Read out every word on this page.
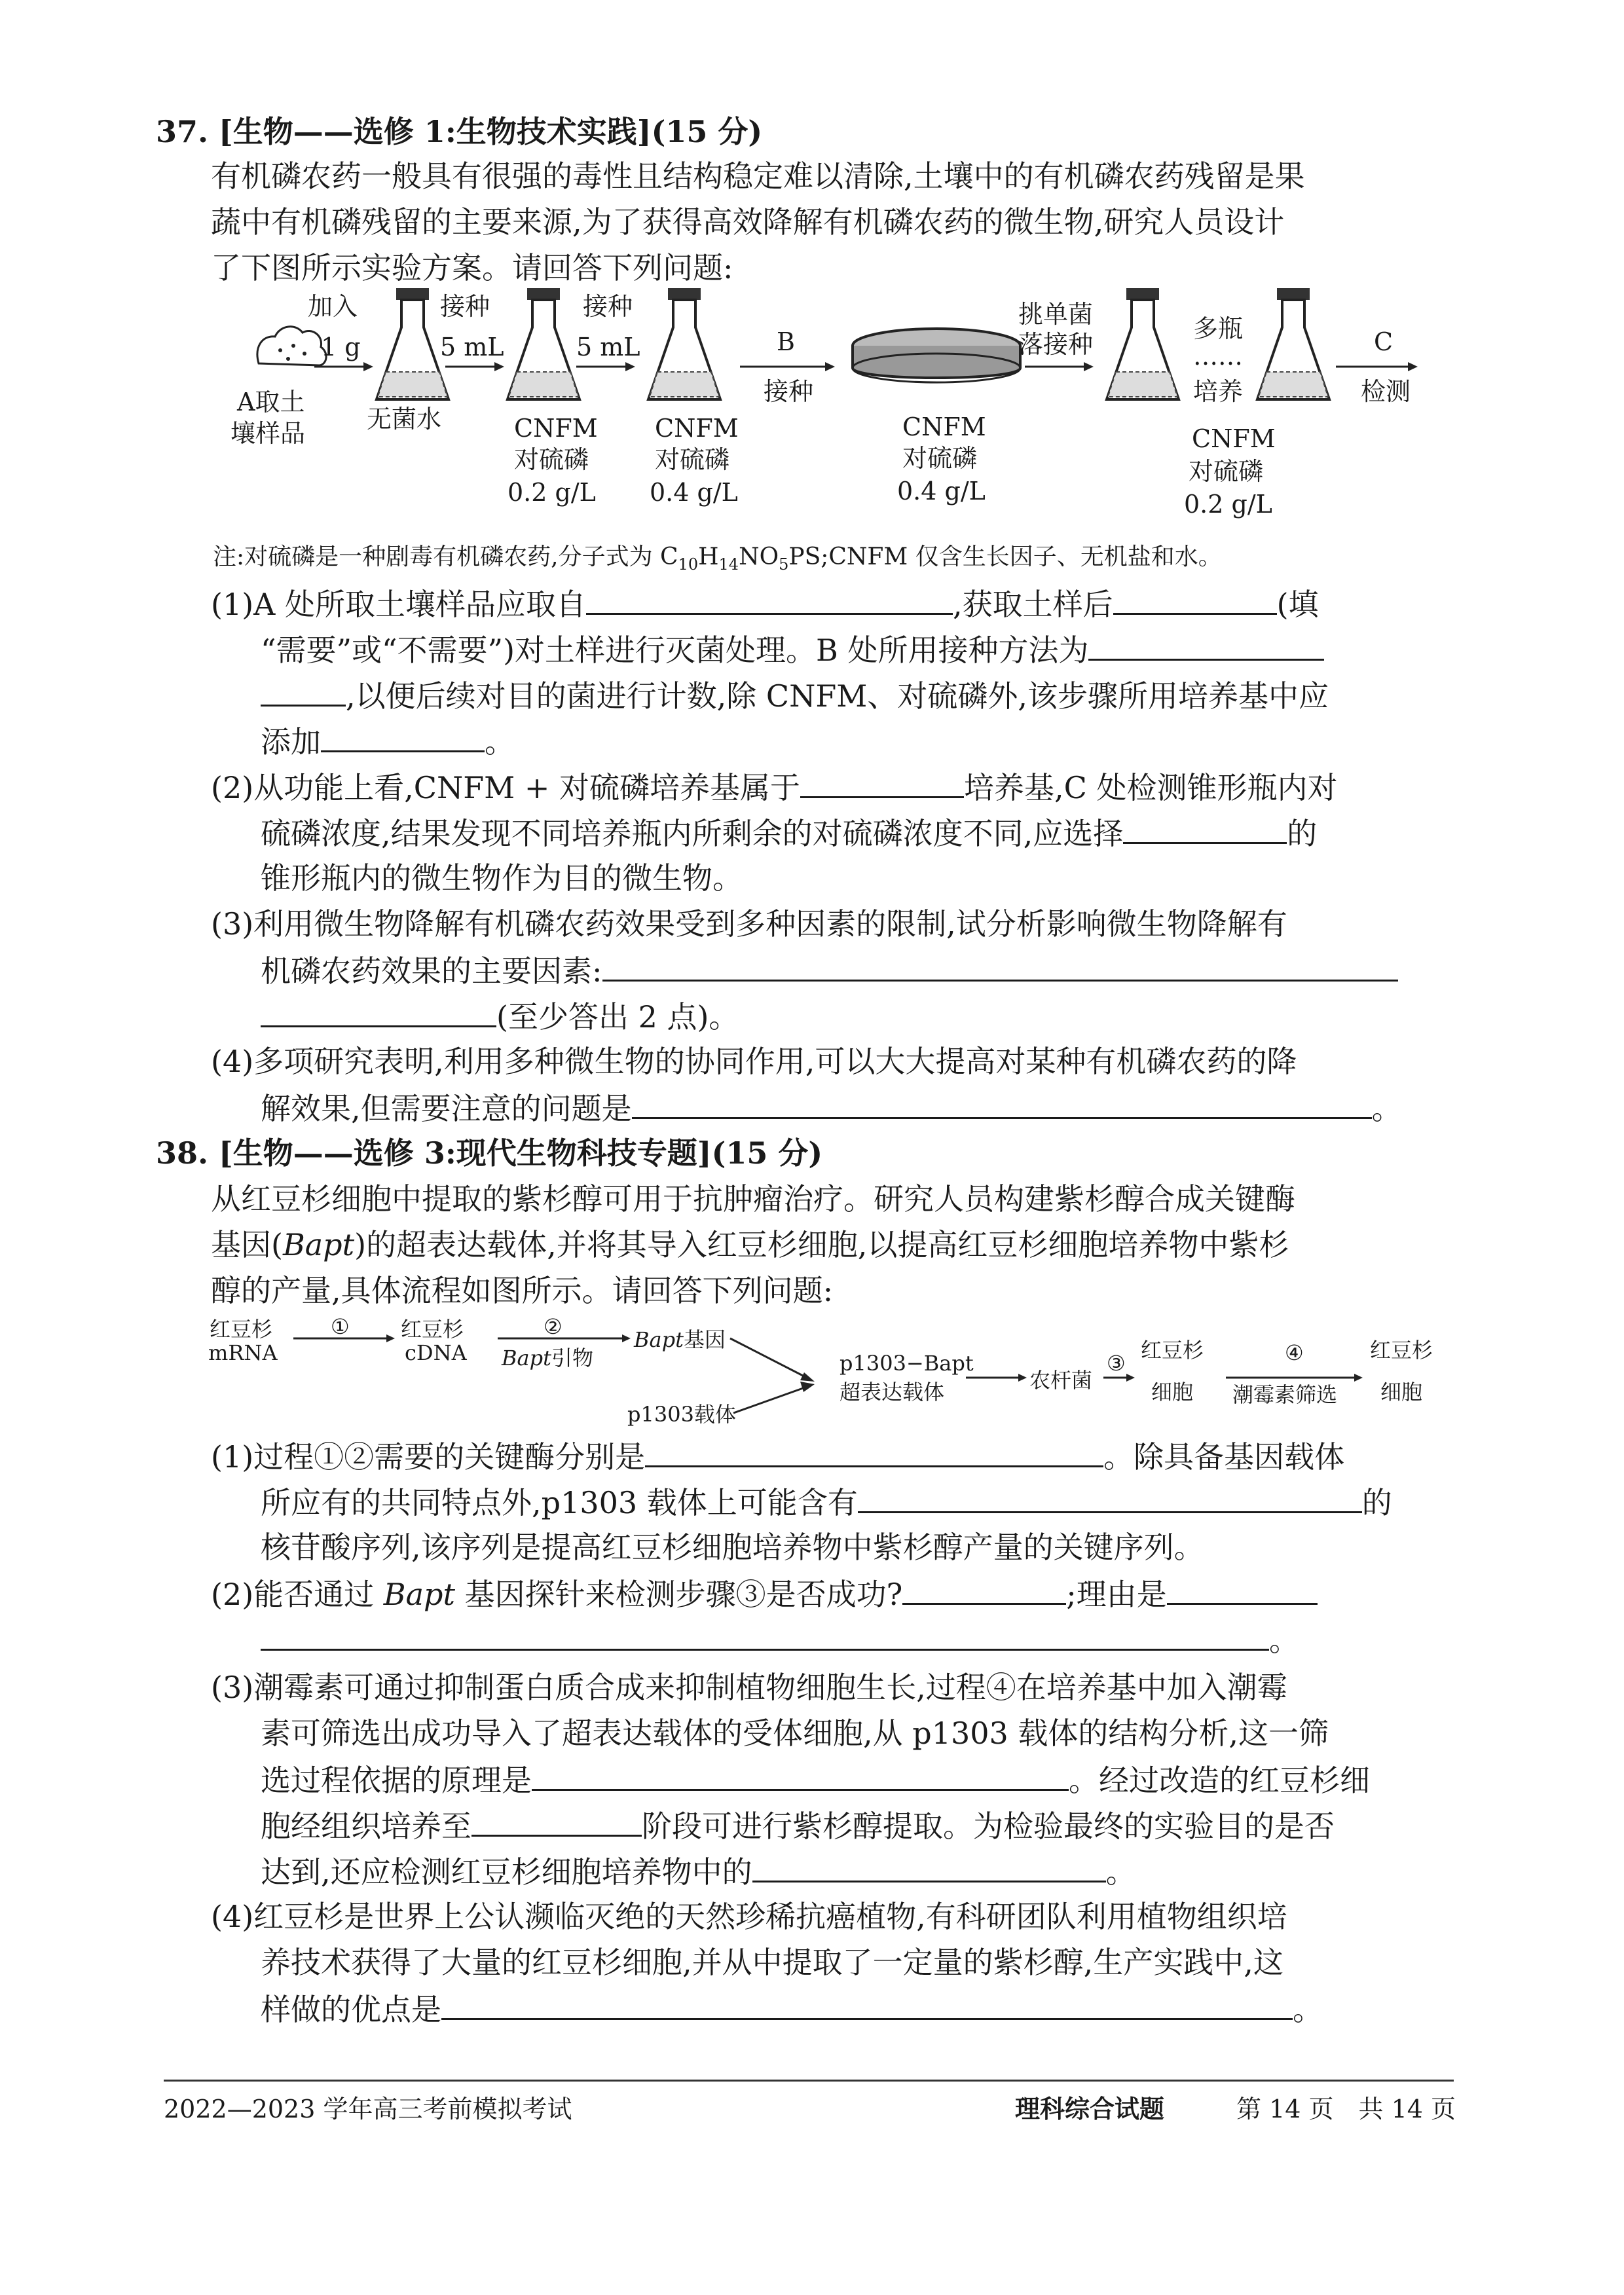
37. [生物——选修 1:生物技术实践](15 分)
有机磷农药一般具有很强的毒性且结构稳定难以清除,土壤中的有机磷农药残留是果
蔬中有机磷残留的主要来源,为了获得高效降解有机磷农药的微生物,研究人员设计
了下图所示实验方案。请回答下列问题:
加入
1 g
A取土
壤样品 无菌水
接种
5 mL
CNFM
对硫磷
0.2 g/L
接种
5 mL
CNFM
对硫磷
0.4 g/L
B
接种
CNFM
对硫磷
0.4 g/L
挑单菌
落接种
多瓶
……
培养
CNFM
对硫磷
0.2 g/L
C
检测
注:对硫磷是一种剧毒有机磷农药,分子式为 $C_{10}H_{14}NO_5PS;CNFM$ 仅含生长因子、无机盐和水。
(1)A 处所取土壤样品应取自	,获取土样后	(填
“需要”或“不需要”)对土样进行灭菌处理。B 处所用接种方法为
,以便后续对目的菌进行计数,除 CNFM、对硫磷外,该步骤所用培养基中应
添加	。
(2)从功能上看,CNFM + 对硫磷培养基属于	培养基,C 处检测锥形瓶内对
硫磷浓度,结果发现不同培养瓶内所剩余的对硫磷浓度不同,应选择	的
锥形瓶内的微生物作为目的微生物。
(3)利用微生物降解有机磷农药效果受到多种因素的限制,试分析影响微生物降解有
机磷农药效果的主要因素:
(至少答出 2 点)。
(4)多项研究表明,利用多种微生物的协同作用,可以大大提高对某种有机磷农药的降
解效果,但需要注意的问题是	。
38. [生物——选修 3:现代生物科技专题](15 分)
从红豆杉细胞中提取的紫杉醇可用于抗肿瘤治疗。研究人员构建紫杉醇合成关键酶
基因(Bapt)的超表达载体,并将其导入红豆杉细胞,以提高红豆杉细胞培养物中紫杉
醇的产量,具体流程如图所示。请回答下列问题:
红豆杉
mRNA
① 红豆杉
cDNA
②
Bapt引物
Bapt基因
p1303载体
p1303−Bapt
超表达载体	农杆菌
③
红豆杉
细胞
④
潮霉素筛选
红豆杉
细胞
(1)过程①②需要的关键酶分别是	。除具备基因载体
所应有的共同特点外,p1303 载体上可能含有	的
核苷酸序列,该序列是提高红豆杉细胞培养物中紫杉醇产量的关键序列。
(2)能否通过 Bapt 基因探针来检测步骤③是否成功?	;理由是
。
(3)潮霉素可通过抑制蛋白质合成来抑制植物细胞生长,过程④在培养基中加入潮霉
素可筛选出成功导入了超表达载体的受体细胞,从 p1303 载体的结构分析,这一筛
选过程依据的原理是	。经过改造的红豆杉细
胞经组织培养至	阶段可进行紫杉醇提取。为检验最终的实验目的是否
达到,还应检测红豆杉细胞培养物中的	。
(4)红豆杉是世界上公认濒临灭绝的天然珍稀抗癌植物,有科研团队利用植物组织培
养技术获得了大量的红豆杉细胞,并从中提取了一定量的紫杉醇,生产实践中,这
样做的优点是	。
2022—2023 学年高三考前模拟考试	理科综合试题	第 14 页　共 14 页
